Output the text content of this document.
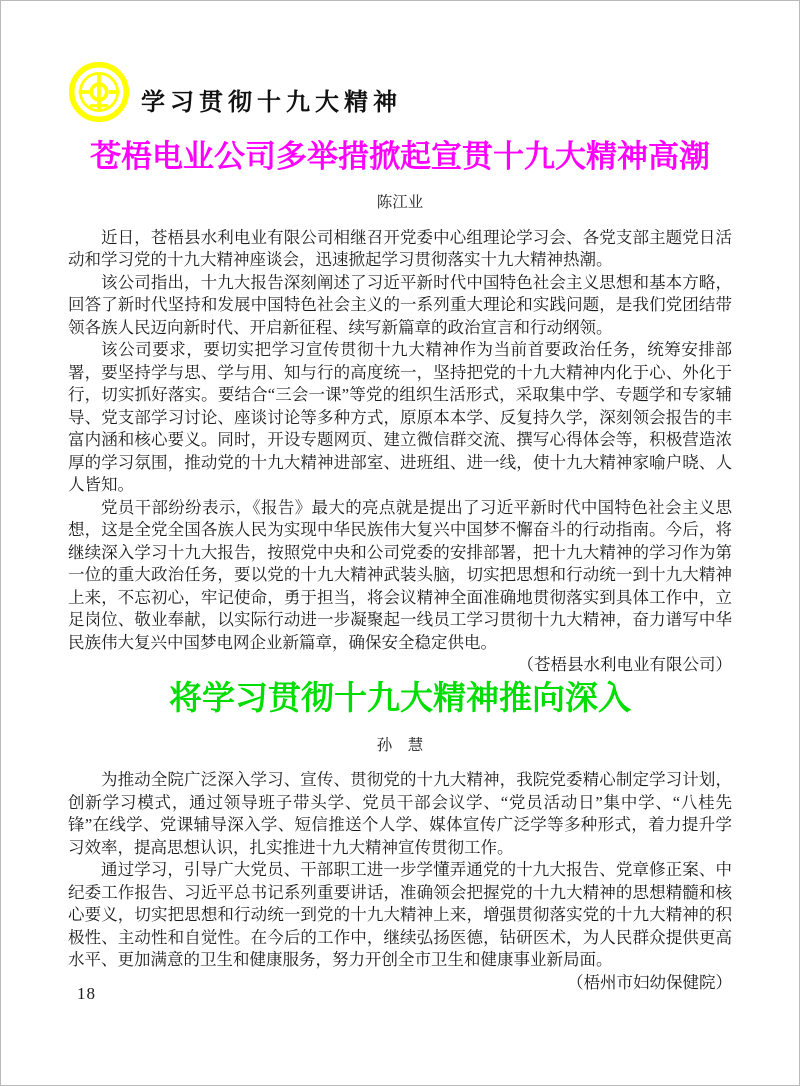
学习贯彻十九大精神
苍梧电业公司多举措掀起宣贯十九大精神高潮
陈江业

近日，苍梧县水利电业有限公司相继召开党委中心组理论学习会、各党支部主题党日活动和学习党的十九大精神座谈会，迅速掀起学习贯彻落实十九大精神热潮。

该公司指出，十九大报告深刻阐述了习近平新时代中国特色社会主义思想和基本方略，回答了新时代坚持和发展中国特色社会主义的一系列重大理论和实践问题，是我们党团结带领各族人民迈向新时代、开启新征程、续写新篇章的政治宣言和行动纲领。

该公司要求，要切实把学习宣传贯彻十九大精神作为当前首要政治任务，统筹安排部署，要坚持学与思、学与用、知与行的高度统一，坚持把党的十九大精神内化于心、外化于行，切实抓好落实。要结合“三会一课”等党的组织生活形式，采取集中学、专题学和专家辅导、党支部学习讨论、座谈讨论等多种方式，原原本本学、反复持久学，深刻领会报告的丰富内涵和核心要义。同时，开设专题网页、建立微信群交流、撰写心得体会等，积极营造浓厚的学习氛围，推动党的十九大精神进部室、进班组、进一线，使十九大精神家喻户晓、人人皆知。

党员干部纷纷表示，《报告》最大的亮点就是提出了习近平新时代中国特色社会主义思想，这是全党全国各族人民为实现中华民族伟大复兴中国梦不懈奋斗的行动指南。今后，将继续深入学习十九大报告，按照党中央和公司党委的安排部署，把十九大精神的学习作为第一位的重大政治任务，要以党的十九大精神武装头脑，切实把思想和行动统一到十九大精神上来，不忘初心，牢记使命，勇于担当，将会议精神全面准确地贯彻落实到具体工作中，立足岗位、敬业奉献，以实际行动进一步凝聚起一线员工学习贯彻十九大精神，奋力谱写中华民族伟大复兴中国梦电网企业新篇章，确保安全稳定供电。
（苍梧县水利电业有限公司）

将学习贯彻十九大精神推向深入
孙　慧

为推动全院广泛深入学习、宣传、贯彻党的十九大精神，我院党委精心制定学习计划，创新学习模式，通过领导班子带头学、党员干部会议学、“党员活动日”集中学、“八桂先锋”在线学、党课辅导深入学、短信推送个人学、媒体宣传广泛学等多种形式，着力提升学习效率，提高思想认识，扎实推进十九大精神宣传贯彻工作。

通过学习，引导广大党员、干部职工进一步学懂弄通党的十九大报告、党章修正案、中纪委工作报告、习近平总书记系列重要讲话，准确领会把握党的十九大精神的思想精髓和核心要义，切实把思想和行动统一到党的十九大精神上来，增强贯彻落实党的十九大精神的积极性、主动性和自觉性。在今后的工作中，继续弘扬医德，钻研医术，为人民群众提供更高水平、更加满意的卫生和健康服务，努力开创全市卫生和健康事业新局面。
（梧州市妇幼保健院）

18
